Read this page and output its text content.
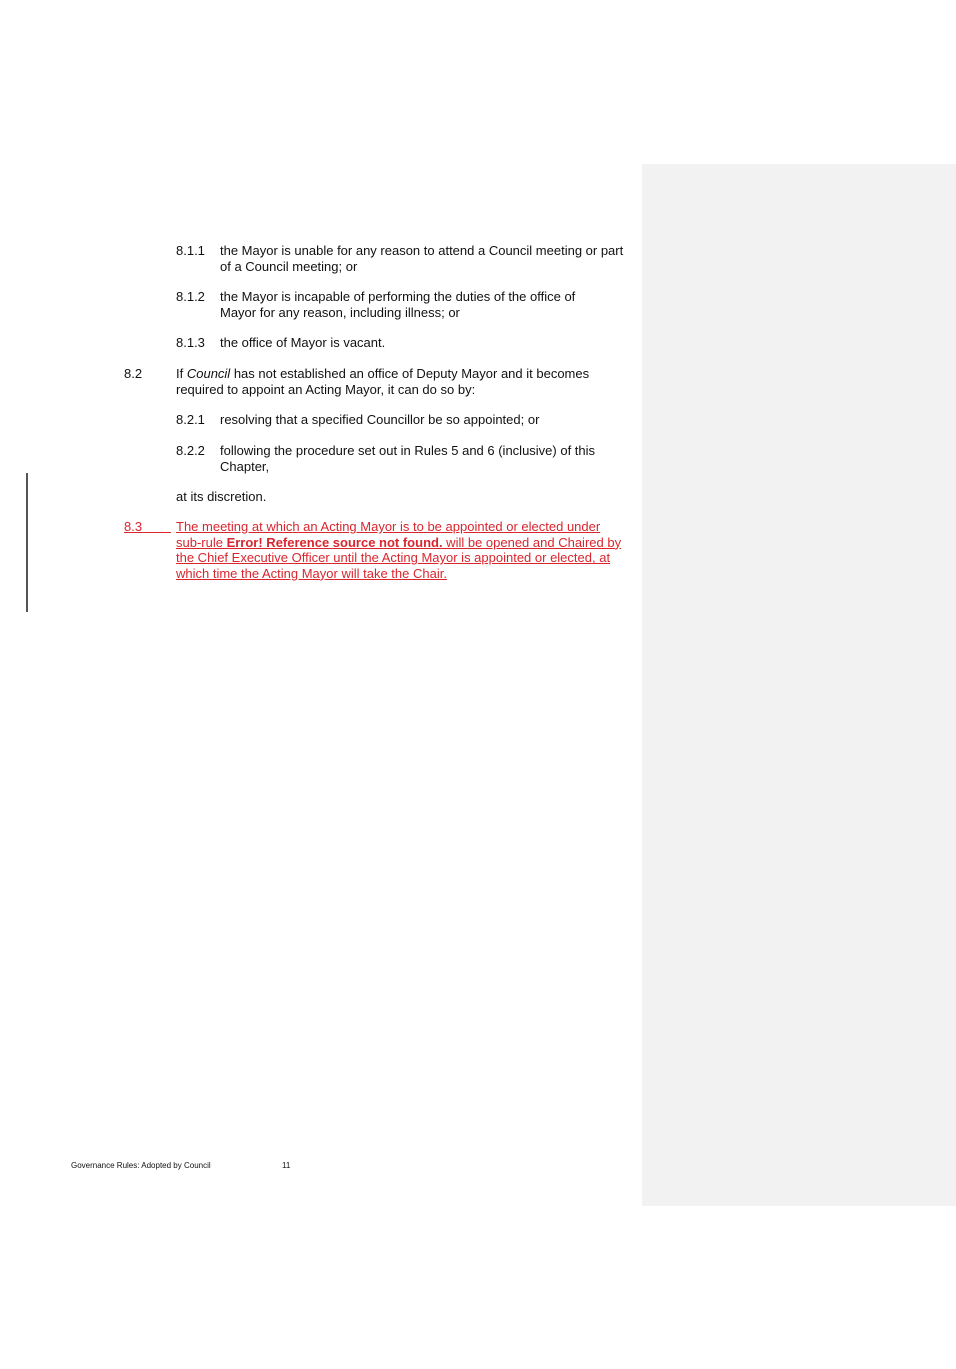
8.1.1 the Mayor is unable for any reason to attend a Council meeting or part of a Council meeting; or
8.1.2 the Mayor is incapable of performing the duties of the office of Mayor for any reason, including illness; or
8.1.3 the office of Mayor is vacant.
8.2	If Council has not established an office of Deputy Mayor and it becomes required to appoint an Acting Mayor, it can do so by:
8.2.1 resolving that a specified Councillor be so appointed; or
8.2.2 following the procedure set out in Rules 5 and 6 (inclusive) of this Chapter,
at its discretion.
8.3	The meeting at which an Acting Mayor is to be appointed or elected under sub-rule Error! Reference source not found. will be opened and Chaired by the Chief Executive Officer until the Acting Mayor is appointed or elected, at which time the Acting Mayor will take the Chair.
Governance Rules: Adopted by Council	11
